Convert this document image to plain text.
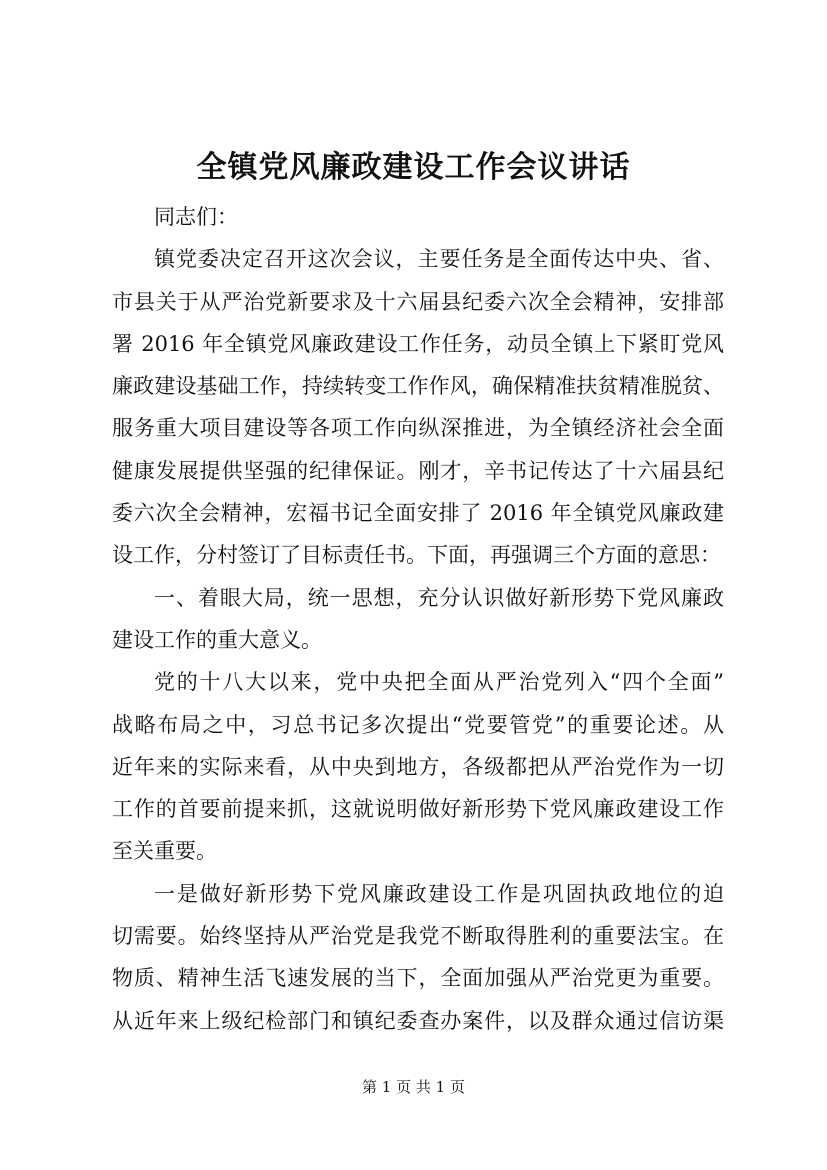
全镇党风廉政建设工作会议讲话
同志们：
镇党委决定召开这次会议，主要任务是全面传达中央、省、
市县关于从严治党新要求及十六届县纪委六次全会精神，安排部
署 2016 年全镇党风廉政建设工作任务，动员全镇上下紧盯党风
廉政建设基础工作，持续转变工作作风，确保精准扶贫精准脱贫、
服务重大项目建设等各项工作向纵深推进，为全镇经济社会全面
健康发展提供坚强的纪律保证。刚才，辛书记传达了十六届县纪
委六次全会精神，宏福书记全面安排了 2016 年全镇党风廉政建
设工作，分村签订了目标责任书。下面，再强调三个方面的意思：
一、着眼大局，统一思想，充分认识做好新形势下党风廉政
建设工作的重大意义。
党的十八大以来，党中央把全面从严治党列入“四个全面”
战略布局之中，习总书记多次提出“党要管党”的重要论述。从
近年来的实际来看，从中央到地方，各级都把从严治党作为一切
工作的首要前提来抓，这就说明做好新形势下党风廉政建设工作
至关重要。
一是做好新形势下党风廉政建设工作是巩固执政地位的迫
切需要。始终坚持从严治党是我党不断取得胜利的重要法宝。在
物质、精神生活飞速发展的当下，全面加强从严治党更为重要。
从近年来上级纪检部门和镇纪委查办案件，以及群众通过信访渠
第 1 页 共 1 页
